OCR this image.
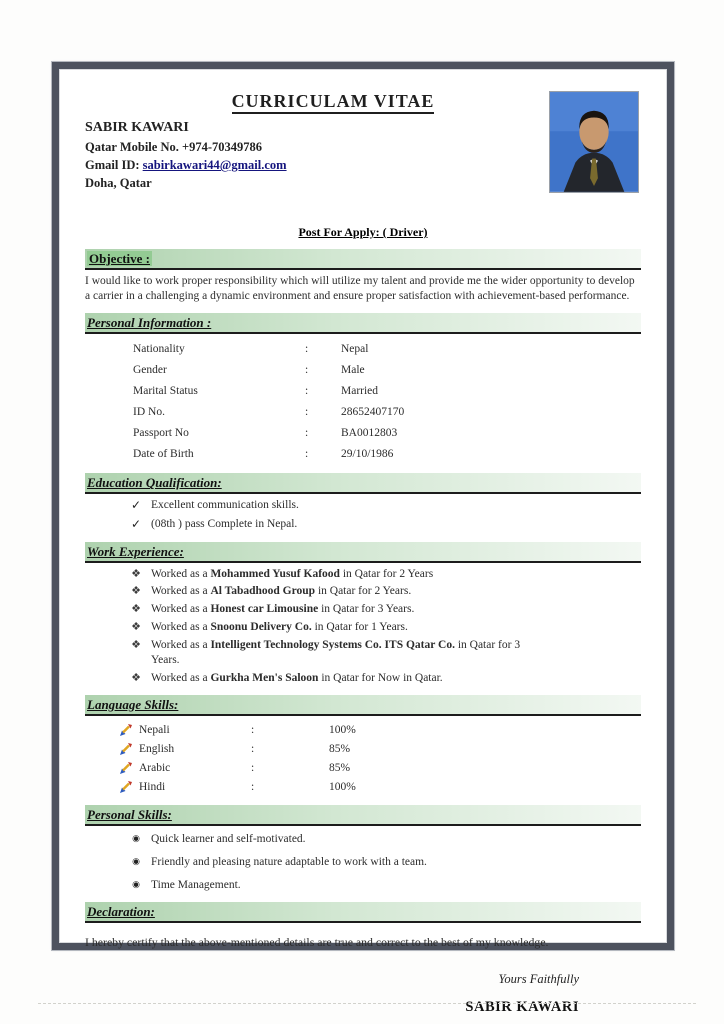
CURRICULAM VITAE
SABIR KAWARI
Qatar Mobile No. +974-70349786
Gmail ID: sabirkawari44@gmail.com
Doha, Qatar
Post For Apply: ( Driver)
Objective :
I would like to work proper responsibility which will utilize my talent and provide me the wider opportunity to develop a carrier in a challenging a dynamic environment and ensure proper satisfaction with achievement-based performance.
Personal Information :
Nationality	:	Nepal
Gender	:	Male
Marital Status	:	Married
ID No.	:	28652407170
Passport No	:	BA0012803
Date of Birth	:	29/10/1986
Education Qualification:
✓ Excellent communication skills.
✓ (08th ) pass Complete in Nepal.
Work Experience:
❖ Worked as a Mohammed Yusuf Kafood in Qatar for 2 Years
❖ Worked as a Al Tabadhood Group in Qatar for 2 Years.
❖ Worked as a Honest car Limousine in Qatar for 3 Years.
❖ Worked as a Snoonu Delivery Co. in Qatar for 1 Years.
❖ Worked as a Intelligent Technology Systems Co. ITS Qatar Co. in Qatar for 3 Years.
❖ Worked as a Gurkha Men's Saloon in Qatar for Now in Qatar.
Language Skills:
Nepali	:	100%
English	:	85%
Arabic	:	85%
Hindi	:	100%
Personal Skills:
◉ Quick learner and self-motivated.
◉ Friendly and pleasing nature adaptable to work with a team.
◉ Time Management.
Declaration:
I hereby certify that the above-mentioned details are true and correct to the best of my knowledge.
Yours Faithfully
SABIR KAWARI
